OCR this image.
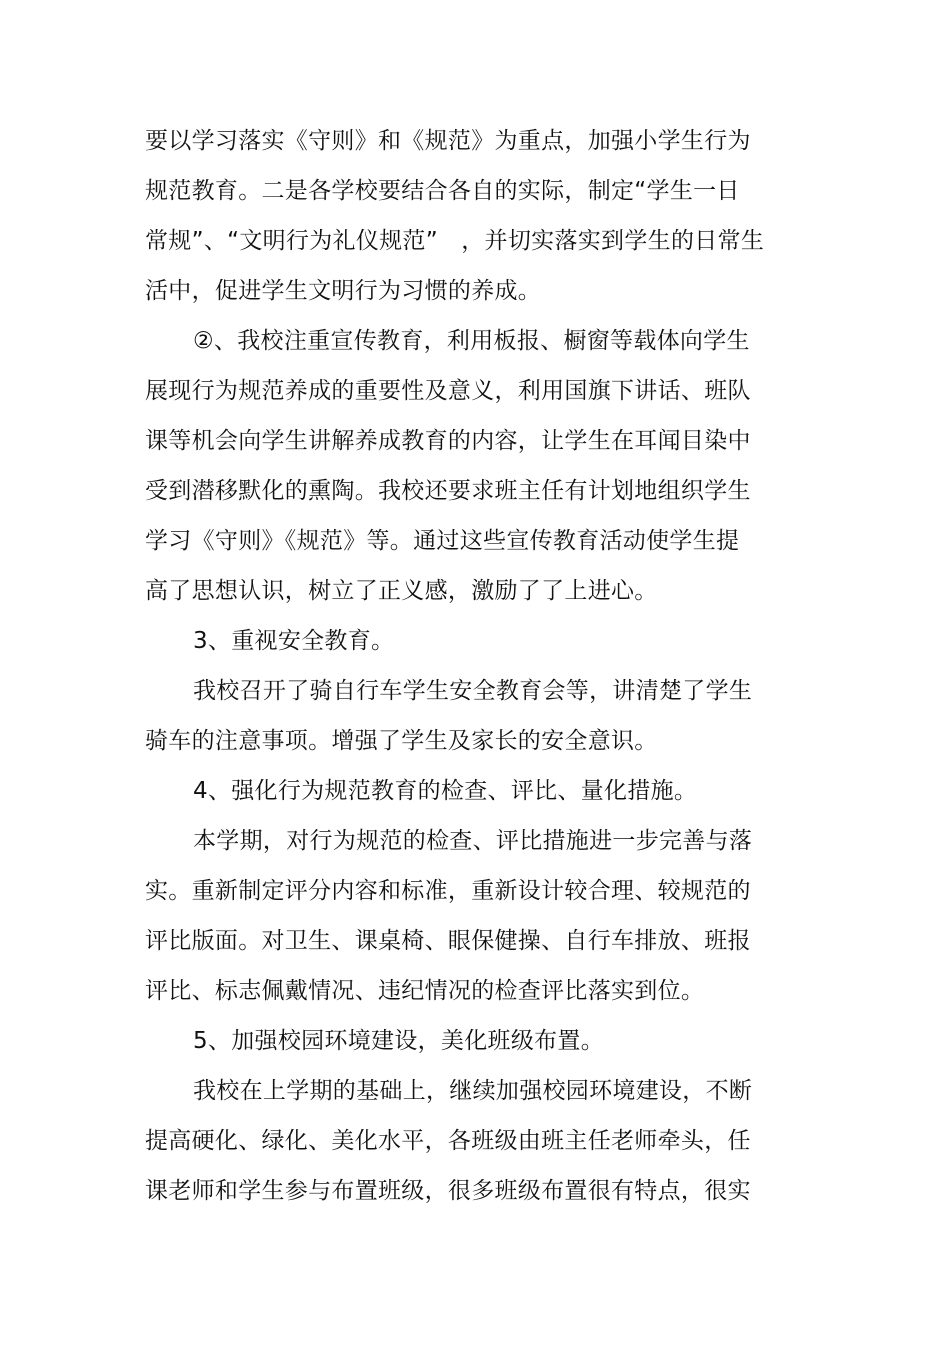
要以学习落实《守则》和《规范》为重点，加强小学生行为
规范教育。二是各学校要结合各自的实际，制定“学生一日
常规”、“文明行为礼仪规范”　，并切实落实到学生的日常生
活中，促进学生文明行为习惯的养成。
②、我校注重宣传教育，利用板报、橱窗等载体向学生
展现行为规范养成的重要性及意义，利用国旗下讲话、班队
课等机会向学生讲解养成教育的内容，让学生在耳闻目染中
受到潜移默化的熏陶。我校还要求班主任有计划地组织学生
学习《守则》《规范》等。通过这些宣传教育活动使学生提
高了思想认识，树立了正义感，激励了了上进心。
3、重视安全教育。
我校召开了骑自行车学生安全教育会等，讲清楚了学生
骑车的注意事项。增强了学生及家长的安全意识。
4、强化行为规范教育的检查、评比、量化措施。
本学期，对行为规范的检查、评比措施进一步完善与落
实。重新制定评分内容和标准，重新设计较合理、较规范的
评比版面。对卫生、课桌椅、眼保健操、自行车排放、班报
评比、标志佩戴情况、违纪情况的检查评比落实到位。
5、加强校园环境建设，美化班级布置。
我校在上学期的基础上，继续加强校园环境建设，不断
提高硬化、绿化、美化水平，各班级由班主任老师牵头，任
课老师和学生参与布置班级，很多班级布置很有特点，很实
